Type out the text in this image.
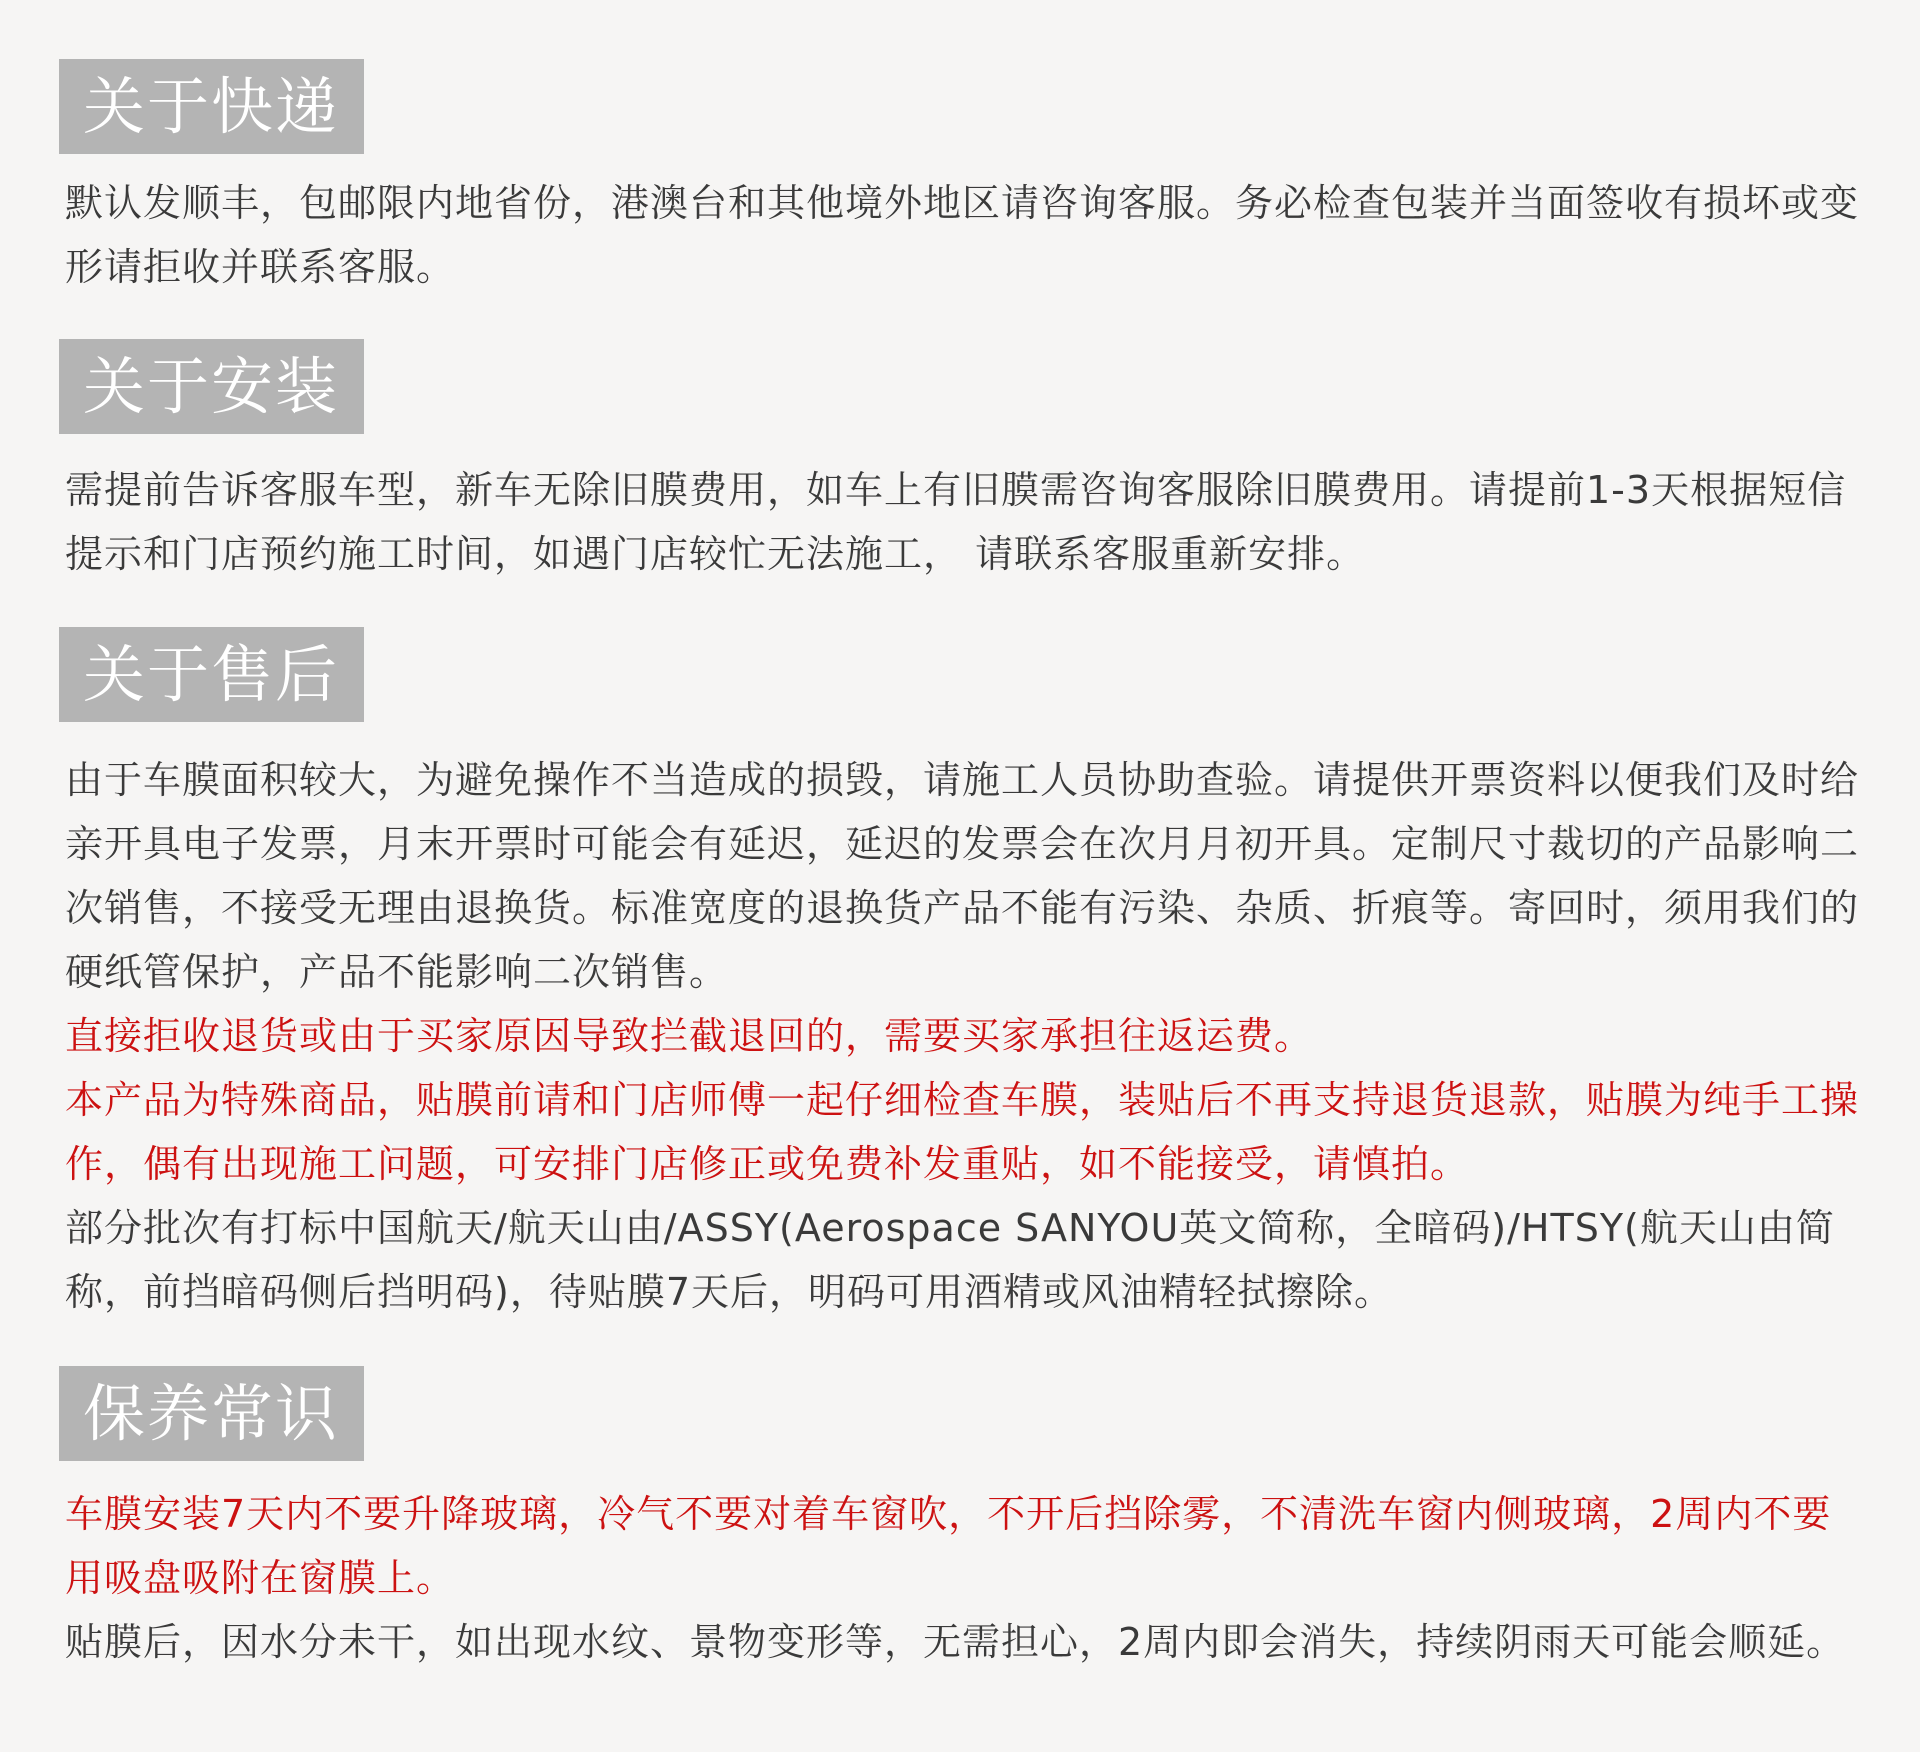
关于快递

默认发顺丰，包邮限内地省份，港澳台和其他境外地区请咨询客服。务必检查包装并当面签收有损坏或变形请拒收并联系客服。

关于安装

需提前告诉客服车型，新车无除旧膜费用，如车上有旧膜需咨询客服除旧膜费用。请提前1-3天根据短信提示和门店预约施工时间，如遇门店较忙无法施工， 请联系客服重新安排。

关于售后

由于车膜面积较大，为避免操作不当造成的损毁，请施工人员协助查验。请提供开票资料以便我们及时给亲开具电子发票，月末开票时可能会有延迟，延迟的发票会在次月月初开具。定制尺寸裁切的产品影响二次销售，不接受无理由退换货。标准宽度的退换货产品不能有污染、杂质、折痕等。寄回时，须用我们的硬纸管保护，产品不能影响二次销售。

直接拒收退货或由于买家原因导致拦截退回的，需要买家承担往返运费。

本产品为特殊商品，贴膜前请和门店师傅一起仔细检查车膜，装贴后不再支持退货退款，贴膜为纯手工操作，偶有出现施工问题，可安排门店修正或免费补发重贴，如不能接受，请慎拍。

部分批次有打标中国航天/航天山由/ASSY(Aerospace SANYOU英文简称，全暗码)/HTSY(航天山由简称，前挡暗码侧后挡明码)，待贴膜7天后，明码可用酒精或风油精轻拭擦除。

保养常识

车膜安装7天内不要升降玻璃，冷气不要对着车窗吹，不开后挡除雾，不清洗车窗内侧玻璃，2周内不要用吸盘吸附在窗膜上。

贴膜后，因水分未干，如出现水纹、景物变形等，无需担心，2周内即会消失，持续阴雨天可能会顺延。
